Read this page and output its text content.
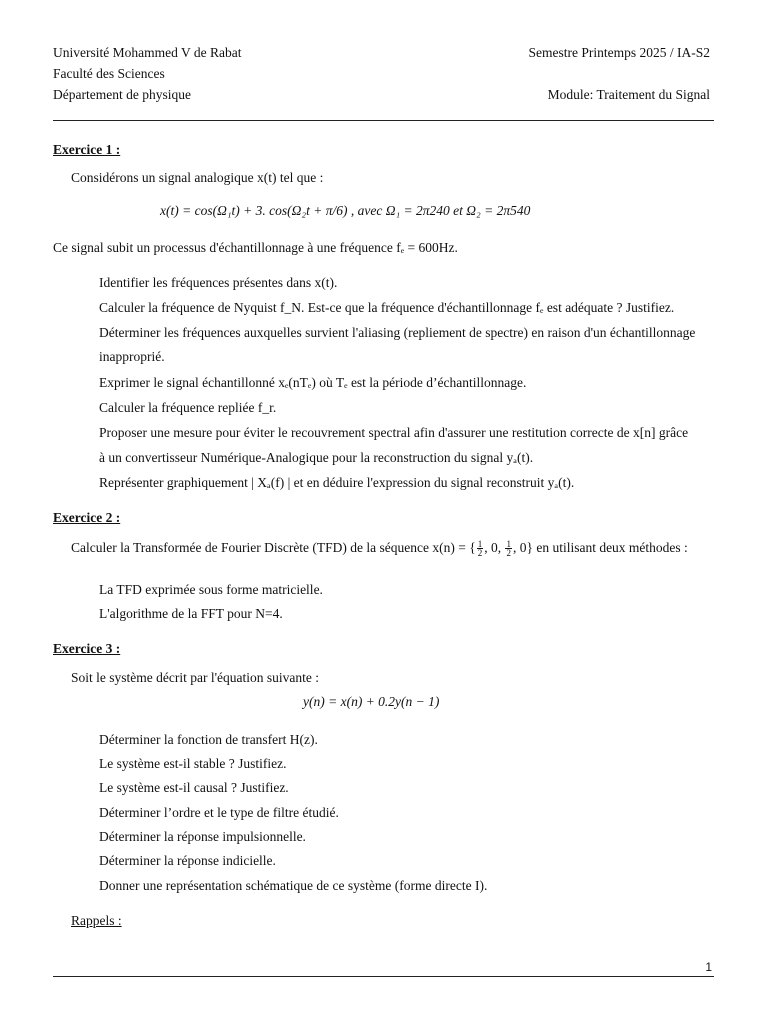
Université Mohammed V de Rabat
Faculté des Sciences
Département de physique
Semestre Printemps 2025 / IA-S2
Module: Traitement du Signal
Exercice 1 :
Considérons un signal analogique x(t) tel que :
x(t) = cos(Ω₁t) + 3. cos(Ω₂t + π/6) , avec Ω₁ = 2π240 et Ω₂ = 2π540
Ce signal subit un processus d'échantillonnage à une fréquence fₑ = 600Hz.
Identifier les fréquences présentes dans x(t).
Calculer la fréquence de Nyquist f_N. Est-ce que la fréquence d'échantillonnage fₑ est adéquate ? Justifiez.
Déterminer les fréquences auxquelles survient l'aliasing (repliement de spectre) en raison d'un échantillonnage
inapproprié.
Exprimer le signal échantillonné xₑ(nTₑ) où Tₑ est la période d’échantillonnage.
Calculer la fréquence repliée f_r.
Proposer une mesure pour éviter le recouvrement spectral afin d'assurer une restitution correcte de x[n] grâce
à un convertisseur Numérique-Analogique pour la reconstruction du signal yₐ(t).
Représenter graphiquement | Xₐ(f) | et en déduire l'expression du signal reconstruit yₐ(t).
Exercice 2 :
Calculer la Transformée de Fourier Discrète (TFD) de la séquence x(n) = { $\frac{1}{2}$ , 0, $\frac{1}{2}$ , 0} en utilisant deux méthodes :
La TFD exprimée sous forme matricielle.
L'algorithme de la FFT pour N=4.
Exercice 3 :
Soit le système décrit par l'équation suivante :
y(n) = x(n) + 0.2y(n − 1)
Déterminer la fonction de transfert H(z).
Le système est-il stable ? Justifiez.
Le système est-il causal ? Justifiez.
Déterminer l’ordre et le type de filtre étudié.
Déterminer la réponse impulsionnelle.
Déterminer la réponse indicielle.
Donner une représentation schématique de ce système (forme directe I).
Rappels :
1
